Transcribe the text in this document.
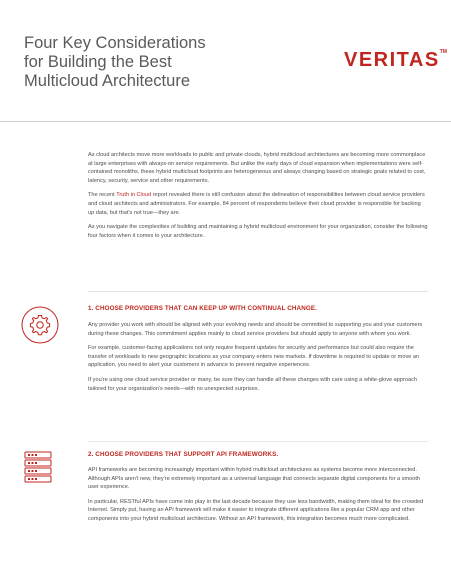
Four Key Considerations
for Building the Best
Multicloud Architecture
VERITAS™

As cloud architects move more workloads to public and private clouds, hybrid multicloud architectures are becoming more commonplace at large enterprises with always-on service requirements. But unlike the early days of cloud expansion when implementations were self-contained monoliths, these hybrid multicloud footprints are heterogeneous and always changing based on strategic goals related to cost, latency, security, service and other requirements.

The recent Truth in Cloud report revealed there is still confusion about the delineation of responsibilities between cloud service providers and cloud architects and administrators. For example, 84 percent of respondents believe their cloud provider is responsible for backing up data, but that's not true—they are.

As you navigate the complexities of building and maintaining a hybrid multicloud environment for your organization, consider the following four factors when it comes to your architecture.

1. CHOOSE PROVIDERS THAT CAN KEEP UP WITH CONTINUAL CHANGE.

Any provider you work with should be aligned with your evolving needs and should be committed to supporting you and your customers during these changes. This commitment applies mainly to cloud service providers but should apply to anyone with whom you work.

For example, customer-facing applications not only require frequent updates for security and performance but could also require the transfer of workloads to new geographic locations as your company enters new markets. If downtime is required to update or move an application, you need to alert your customers in advance to prevent negative experiences.

If you're using one cloud service provider or many, be sure they can handle all these changes with care using a white-glove approach tailored for your organization's needs—with no unexpected surprises.

2. CHOOSE PROVIDERS THAT SUPPORT API FRAMEWORKS.

API frameworks are becoming increasingly important within hybrid multicloud architectures as systems become more interconnected. Although APIs aren't new, they're extremely important as a universal language that connects separate digital components for a smooth user experience.

In particular, RESTful APIs have come into play in the last decade because they use less bandwidth, making them ideal for the crowded Internet. Simply put, having an API framework will make it easier to integrate different applications like a popular CRM app and other components into your hybrid multicloud architecture. Without an API framework, this integration becomes much more complicated.
